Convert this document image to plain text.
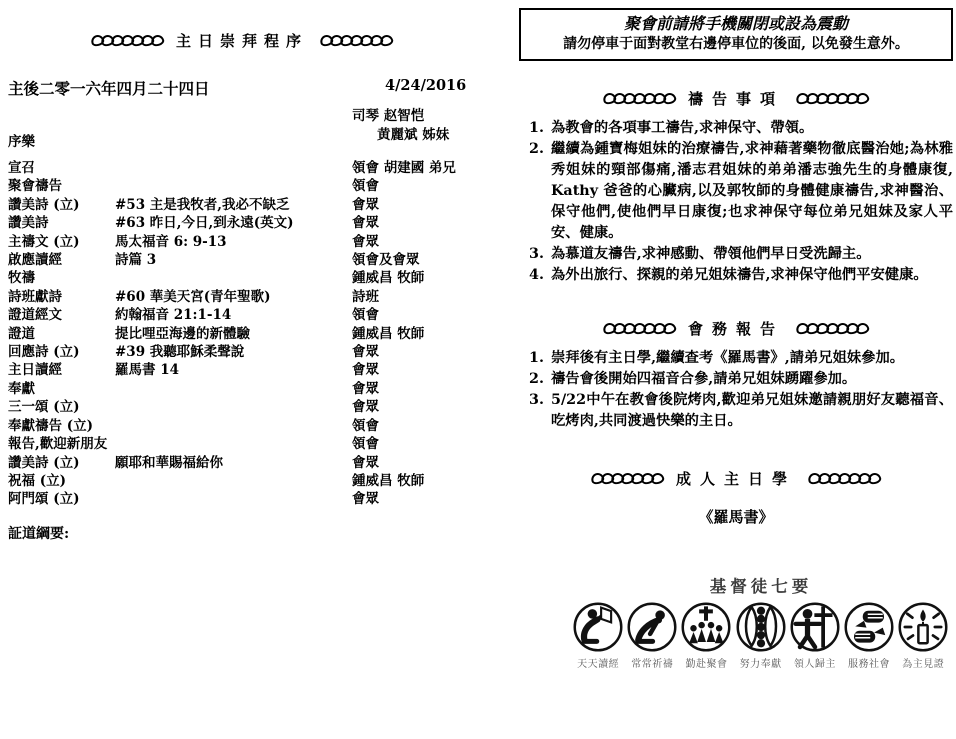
主日崇拜程序
主後二零一六年四月二十四日	4/24/2016
序樂
司琴 赵智恺
黄麗斌 姊妹
宣召	領會 胡建國 弟兄
聚會禱告	領會
讚美詩 (立)	#53 主是我牧者,我必不缺乏	會眾
讚美詩	#63 昨日,今日,到永遠(英文)	會眾
主禱文 (立)	馬太福音 6: 9-13	會眾
啟應讀經	詩篇 3	領會及會眾
牧禱	鍾威昌 牧師
詩班獻詩	#60 華美天宮(青年聖歌)	詩班
證道經文	約翰福音 21:1-14	領會
證道	提比哩亞海邊的新體驗	鍾威昌 牧師
回應詩 (立)	#39 我聽耶穌柔聲說	會眾
主日讀經	羅馬書 14	會眾
奉獻	會眾
三一頌 (立)	會眾
奉獻禱告 (立)	領會
報告,歡迎新朋友	領會
讚美詩 (立)	願耶和華賜福給你	會眾
祝福 (立)	鍾威昌 牧師
阿門頌 (立)	會眾
証道綱要:
聚會前請將手機關閉或設為震動
請勿停車于面對教堂右邊停車位的後面, 以免發生意外。
禱告事項
1. 為教會的各項事工禱告,求神保守、帶領。
2. 繼續為鍾寶梅姐妹的治療禱告,求神藉著藥物徹底醫治她;為林雅秀姐妹的頸部傷痛,潘志君姐妹的弟弟潘志強先生的身體康復, Kathy 爸爸的心臟病,以及郭牧師的身體健康禱告,求神醫治、保守他們,使他們早日康復;也求神保守每位弟兄姐妹及家人平安、健康。
3. 為慕道友禱告,求神感動、帶領他們早日受洗歸主。
4. 為外出旅行、探親的弟兄姐妹禱告,求神保守他們平安健康。
會務報告
1. 崇拜後有主日學,繼續查考《羅馬書》,請弟兄姐妹參加。
2. 禱告會後開始四福音合參,請弟兄姐妹踴躍參加。
3. 5/22中午在教會後院烤肉,歡迎弟兄姐妹邀請親朋好友聽福音、吃烤肉,共同渡過快樂的主日。
成人主日學
《羅馬書》
基督徒七要
天天讀經	常常祈禱	勤赴聚會	努力奉獻	領人歸主	服務社會	為主見證
